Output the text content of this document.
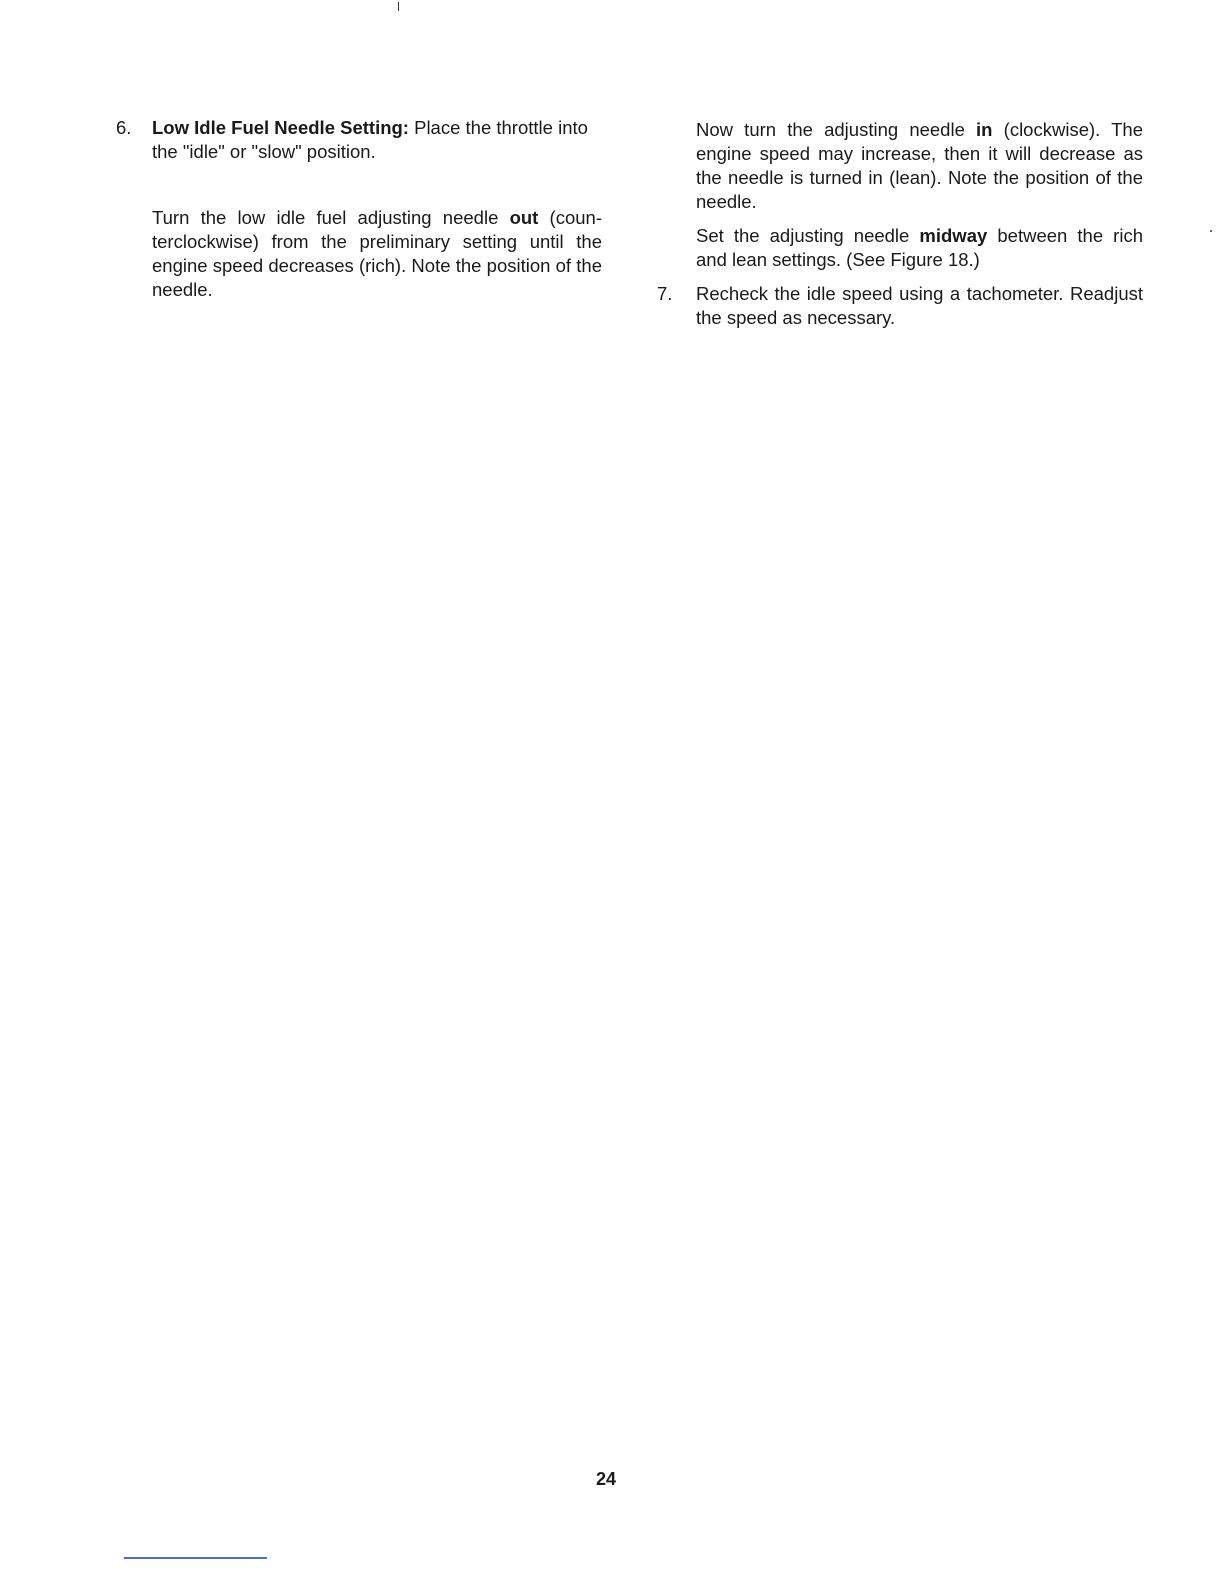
6. Low Idle Fuel Needle Setting: Place the throttle into the "idle" or "slow" position.

Turn the low idle fuel adjusting needle out (coun-terclockwise) from the preliminary setting until the engine speed decreases (rich). Note the position of the needle.

Now turn the adjusting needle in (clockwise). The engine speed may increase, then it will decrease as the needle is turned in (lean). Note the position of the needle.

Set the adjusting needle midway between the rich and lean settings. (See Figure 18.)

Recheck the idle speed using a tachometer. Readjust the speed as necessary.

7.
24
